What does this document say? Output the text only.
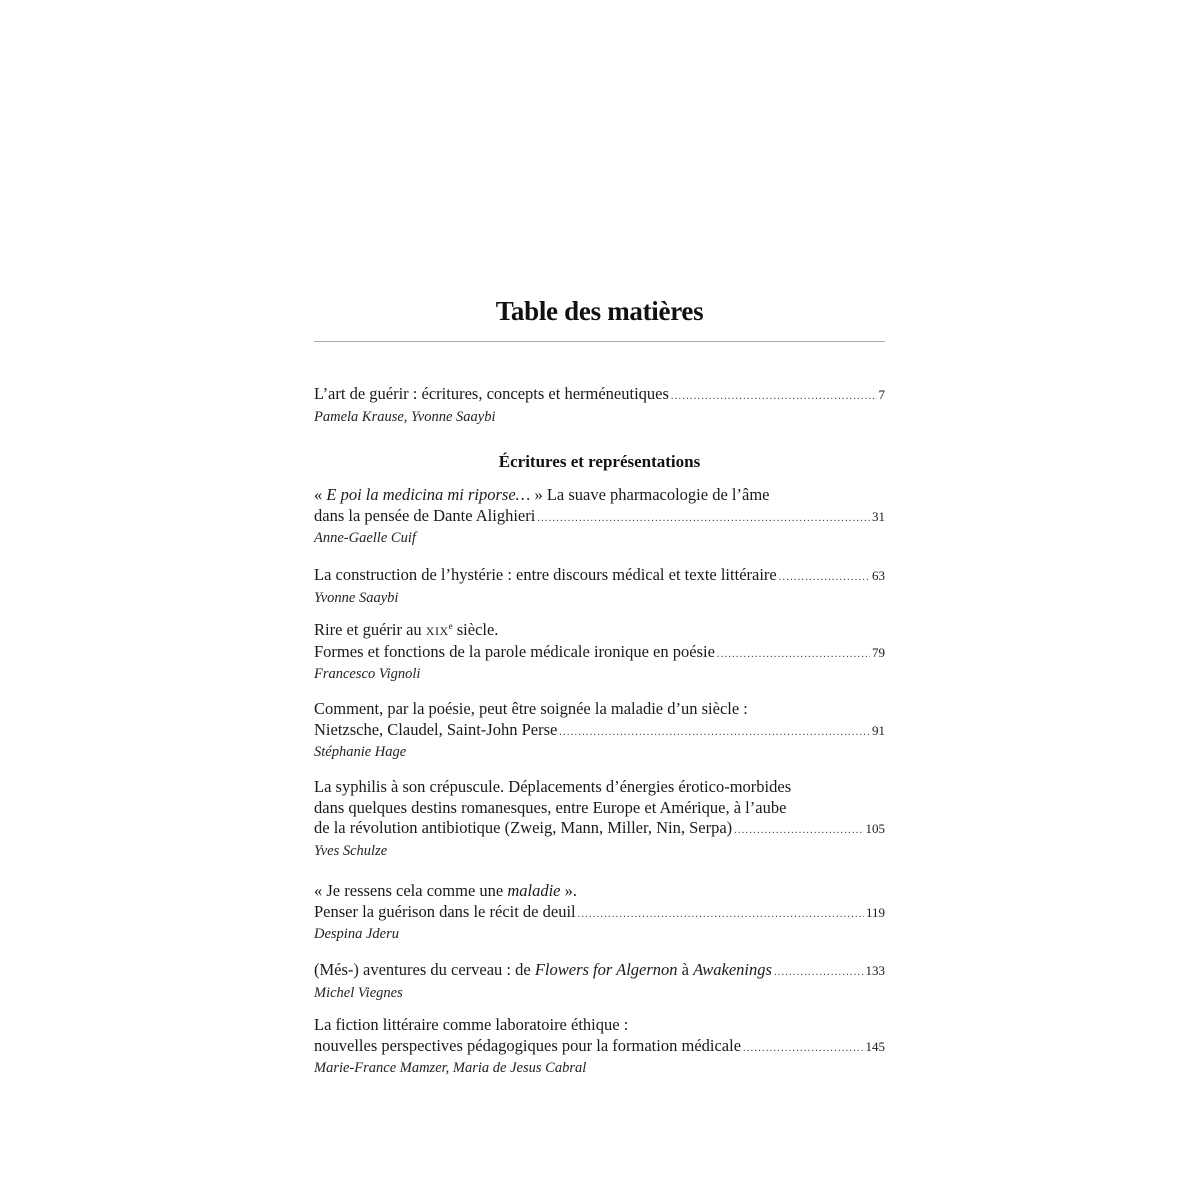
Table des matières
L’art de guérir : écritures, concepts et herméneutiques .....	7
Pamela Krause, Yvonne Saaybi
Écritures et représentations
« E poi la medicina mi riporse… » La suave pharmacologie de l’âme
dans la pensée de Dante Alighieri .....	31
Anne-Gaelle Cuif
La construction de l’hystérie : entre discours médical et texte littéraire .....	63
Yvonne Saaybi
Rire et guérir au XIXe siècle.
Formes et fonctions de la parole médicale ironique en poésie .....	79
Francesco Vignoli
Comment, par la poésie, peut être soignée la maladie d’un siècle :
Nietzsche, Claudel, Saint-John Perse .....	91
Stéphanie Hage
La syphilis à son crépuscule. Déplacements d’énergies érotico-morbides
dans quelques destins romanesques, entre Europe et Amérique, à l’aube
de la révolution antibiotique (Zweig, Mann, Miller, Nin, Serpa) .....	105
Yves Schulze
« Je ressens cela comme une maladie ».
Penser la guérison dans le récit de deuil .....	119
Despina Jderu
(Més-) aventures du cerveau : de Flowers for Algernon à Awakenings .....	133
Michel Viegnes
La fiction littéraire comme laboratoire éthique :
nouvelles perspectives pédagogiques pour la formation médicale .....	145
Marie-France Mamzer, Maria de Jesus Cabral
